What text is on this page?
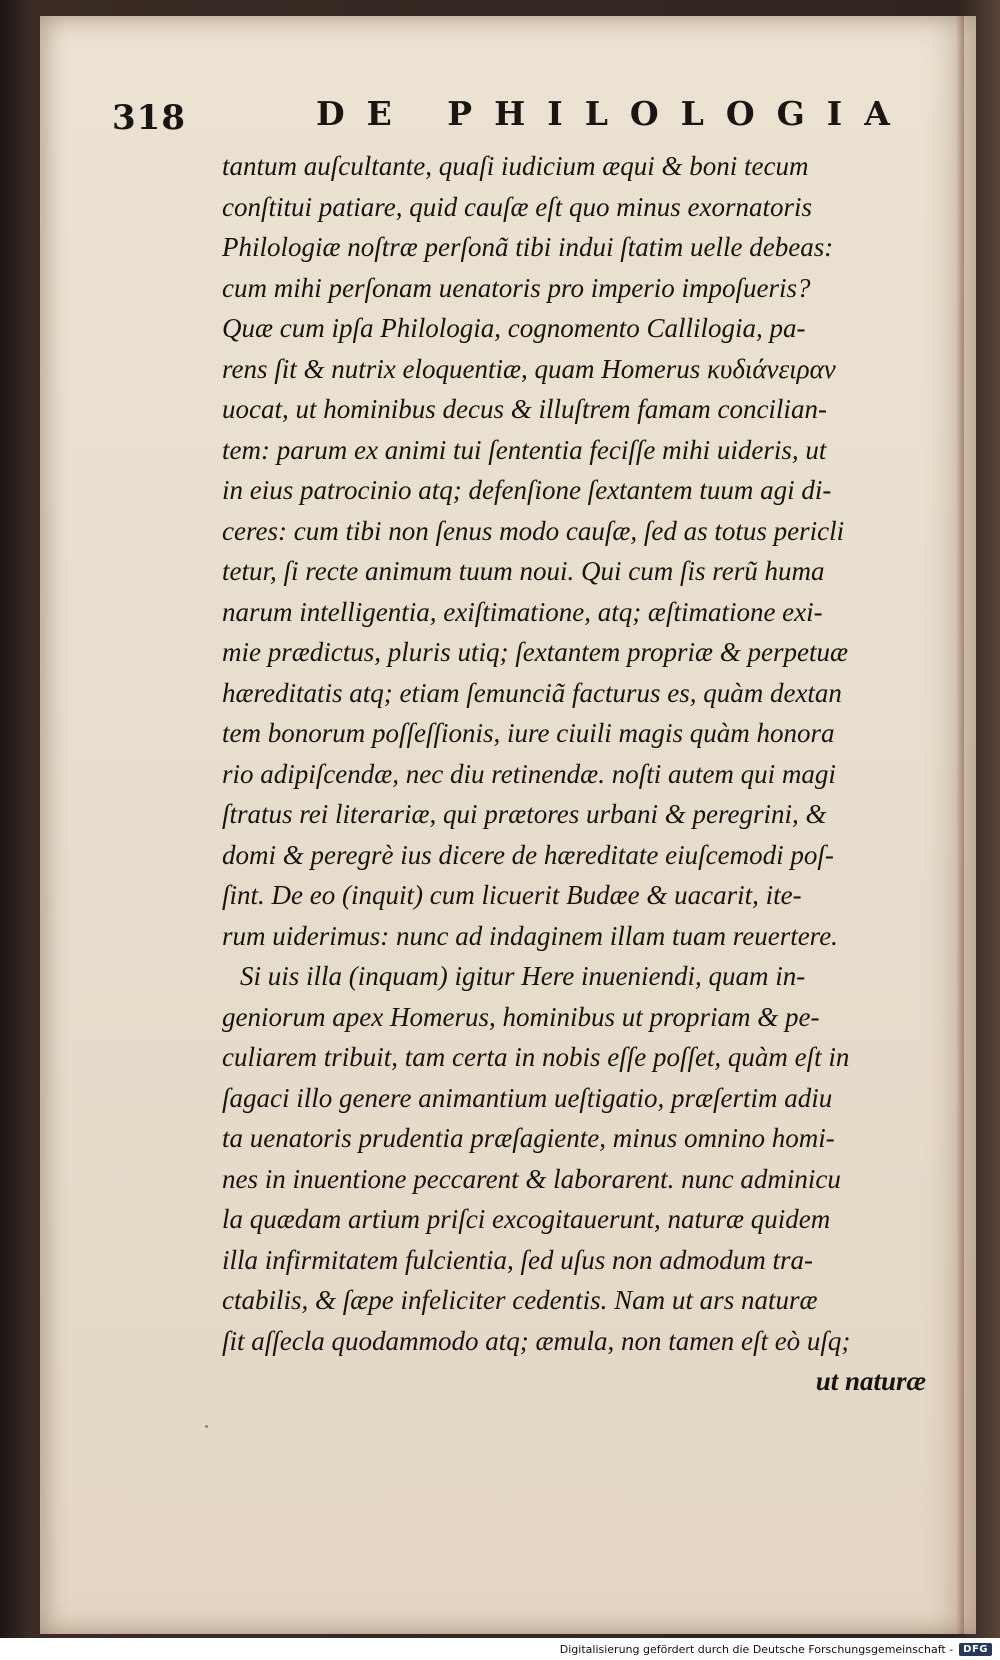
318	DE PHILOLOGIA
tantum auſcultante, quaſi iudicium æqui & boni tecum
conſtitui patiare, quid cauſæ eſt quo minus exornatoris
Philologiæ noſtræ perſonã tibi indui ſtatim uelle debeas:
cum mihi perſonam uenatoris pro imperio impoſueris?
Quæ cum ipſa Philologia, cognomento Callilogia, pa-
rens ſit & nutrix eloquentiæ, quam Homerus κυδιάνειραν
uocat, ut hominibus decus & illuſtrem famam concilian-
tem: parum ex animi tui ſententia feciſſe mihi uideris, ut
in eius patrocinio atq; defenſione ſextantem tuum agi di-
ceres: cum tibi non ſenus modo cauſæ, ſed as totus pericli
tetur, ſi recte animum tuum noui. Qui cum ſis rerũ huma
narum intelligentia, exiſtimatione, atq; æſtimatione exi-
mie prædictus, pluris utiq; ſextantem propriæ & perpetuæ
hæreditatis atq; etiam ſemunciã facturus es, quàm dextan
tem bonorum poſſeſſionis, iure ciuili magis quàm honora
rio adipiſcendæ, nec diu retinendæ. noſti autem qui magi
ſtratus rei literariæ, qui prætores urbani & peregrini, &
domi & peregrè ius dicere de hæreditate eiuſcemodi poſ-
ſint. De eo (inquit) cum licuerit Budæe & uacarit, ite-
rum uiderimus: nunc ad indaginem illam tuam reuertere.
Si uis illa (inquam) igitur Here inueniendi, quam in-
geniorum apex Homerus, hominibus ut propriam & pe-
culiarem tribuit, tam certa in nobis eſſe poſſet, quàm eſt in
ſagaci illo genere animantium ueſtigatio, præſertim adiu
ta uenatoris prudentia præſagiente, minus omnino homi-
nes in inuentione peccarent & laborarent. nunc adminicu
la quædam artium priſci excogitauerunt, naturæ quidem
illa infirmitatem fulcientia, ſed uſus non admodum tra-
ctabilis, & ſæpe infeliciter cedentis. Nam ut ars naturæ
ſit aſſecla quodammodo atq; æmula, non tamen eſt eò uſq;
ut naturæ
Digitalisierung gefördert durch die Deutsche Forschungsgemeinschaft -	DFG
